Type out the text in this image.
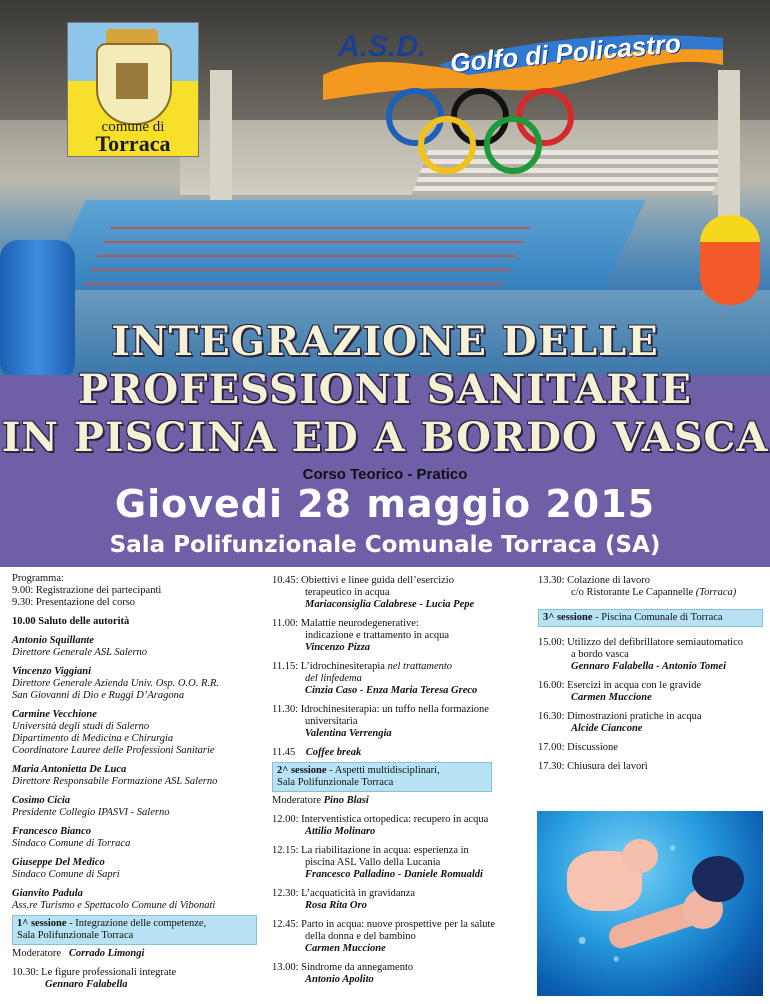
comune di
Torraca
A.S.D. Golfo di Policastro
INTEGRAZIONE DELLE
PROFESSIONI SANITARIE
IN PISCINA ED A BORDO VASCA
Corso Teorico - Pratico
Giovedi 28 maggio 2015
Sala Polifunzionale Comunale Torraca (SA)
Programma:
9.00: Registrazione dei partecipanti
9.30: Presentazione del corso
10.00 Saluto delle autorità
Antonio Squillante
Direttore Generale ASL Salerno
Vincenzo Viggiani
Direttore Generale Azienda Univ. Osp. O.O. R.R.
San Giovanni di Dio e Ruggi D’Aragona
Carmine Vecchione
Università degli studi di Salerno
Dipartimento di Medicina e Chirurgia
Coordinatore Lauree delle Professioni Sanitarie
Maria Antonietta De Luca
Direttore Responsabile Formazione ASL Salerno
Cosimo Cicia
Presidente Collegio IPASVI - Salerno
Francesco Bianco
Sindaco Comune di Torraca
Giuseppe Del Medico
Sindaco Comune di Sapri
Gianvito Padula
Ass.re Turismo e Spettacolo Comune di Vibonati
1^ sessione - Integrazione delle competenze,
Sala Polifunzionale Torraca
Moderatore Corrado Limongi
10.30: Le figure professionali integrate
Gennaro Falabella
10.45: Obiettivi e linee guida dell’esercizio
terapeutico in acqua
Mariaconsiglia Calabrese - Lucia Pepe
11.00: Malattie neurodegenerative:
indicazione e trattamento in acqua
Vincenzo Pizza
11.15: L’idrochinesiterapia nel trattamento
del linfedema
Cinzia Caso - Enza Maria Teresa Greco
11.30: Idrochinesiterapia: un tuffo nella formazione
universitaria
Valentina Verrengia
11.45 Coffee break
2^ sessione - Aspetti multidisciplinari,
Sala Polifunzionale Torraca
Moderatore Pino Blasi
12.00: Interventistica ortopedica: recupero in acqua
Attilio Molinaro
12.15: La riabilitazione in acqua: esperienza in
piscina ASL Vallo della Lucania
Francesco Palladino - Daniele Romualdi
12.30: L’acquaticità in gravidanza
Rosa Rita Oro
12.45: Parto in acqua: nuove prospettive per la salute
della donna e del bambino
Carmen Muccione
13.00: Sindrome da annegamento
Antonio Apolito
13.30: Colazione di lavoro
c/o Ristorante Le Capannelle (Torraca)
3^ sessione - Piscina Comunale di Torraca
15.00: Utilizzo del defibrillatore semiautomatico
a bordo vasca
Gennaro Falabella - Antonio Tomei
16.00: Esercizi in acqua con le gravide
Carmen Muccione
16.30: Dimostrazioni pratiche in acqua
Alcide Ciancone
17.00: Discussione
17.30: Chiusura dei lavori
